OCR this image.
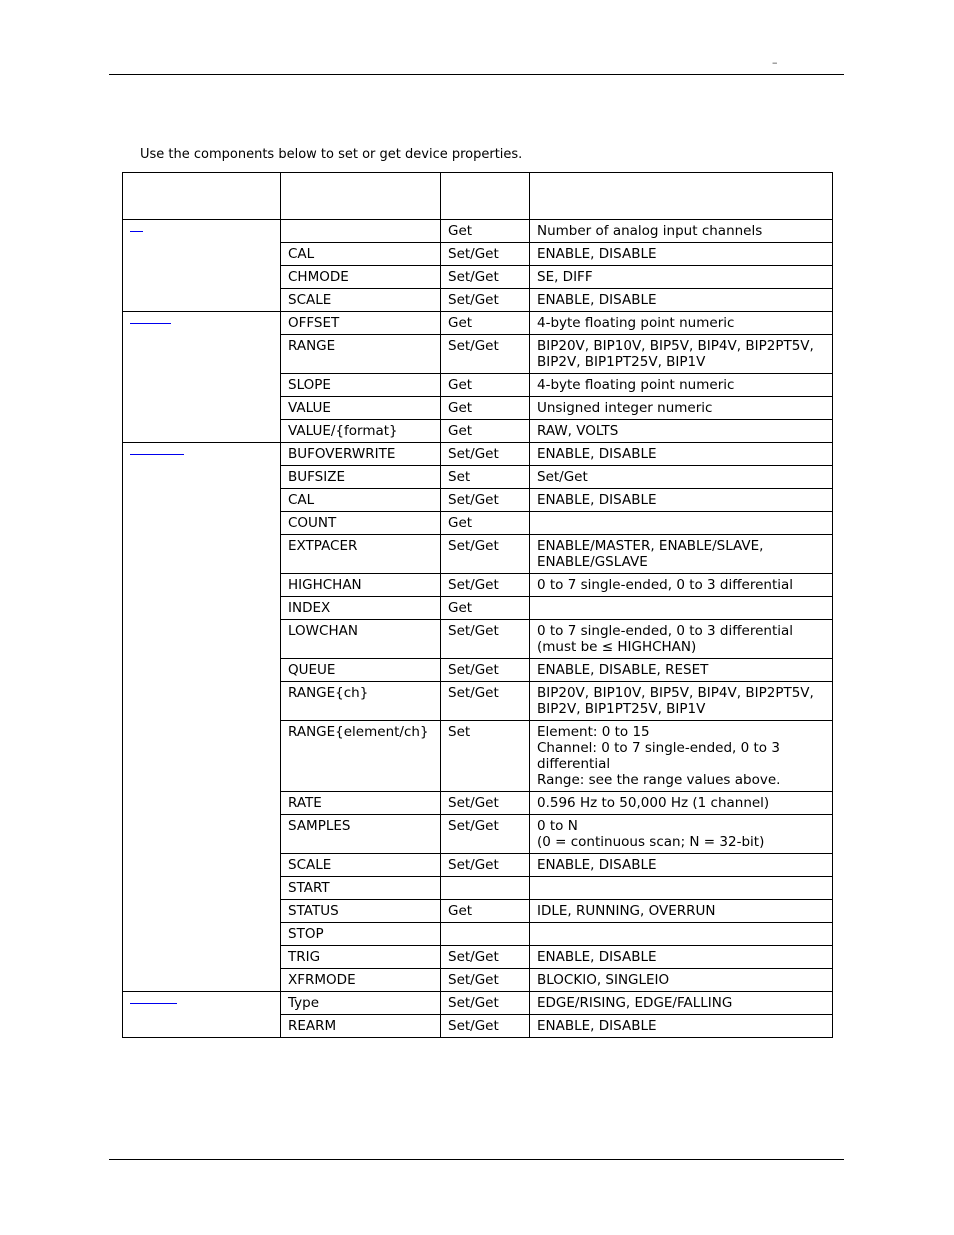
–

Use the components below to set or get device properties.

		Get	Number of analog input channels

	CAL	Set/Get	ENABLE, DISABLE

	CHMODE	Set/Get	SE, DIFF

	SCALE	Set/Get	ENABLE, DISABLE

	OFFSET	Get	4-byte floating point numeric

	RANGE	Set/Get	BIP20V, BIP10V, BIP5V, BIP4V, BIP2PT5V,
BIP2V, BIP1PT25V, BIP1V

	SLOPE	Get	4-byte floating point numeric

	VALUE	Get	Unsigned integer numeric

	VALUE/{format}	Get	RAW, VOLTS

	BUFOVERWRITE	Set/Get	ENABLE, DISABLE

	BUFSIZE	Set	Set/Get

	CAL	Set/Get	ENABLE, DISABLE

	COUNT	Get	
	EXTPACER	Set/Get	ENABLE/MASTER, ENABLE/SLAVE,
ENABLE/GSLAVE

	HIGHCHAN	Set/Get	0 to 7 single-ended, 0 to 3 differential

	INDEX	Get	
	LOWCHAN	Set/Get	0 to 7 single-ended, 0 to 3 differential
(must be ≤ HIGHCHAN)

	QUEUE	Set/Get	ENABLE, DISABLE, RESET

	RANGE{ch}	Set/Get	BIP20V, BIP10V, BIP5V, BIP4V, BIP2PT5V,
BIP2V, BIP1PT25V, BIP1V

	RANGE{element/ch}	Set	Element: 0 to 15
Channel: 0 to 7 single-ended, 0 to 3
differential
Range: see the range values above.

	RATE	Set/Get	0.596 Hz to 50,000 Hz (1 channel)

	SAMPLES	Set/Get	0 to N
(0 = continuous scan; N = 32-bit)

	SCALE	Set/Get	ENABLE, DISABLE

	START		
	STATUS	Get	IDLE, RUNNING, OVERRUN

	STOP		
	TRIG	Set/Get	ENABLE, DISABLE

	XFRMODE	Set/Get	BLOCKIO, SINGLEIO

	Type	Set/Get	EDGE/RISING, EDGE/FALLING

	REARM	Set/Get	ENABLE, DISABLE
